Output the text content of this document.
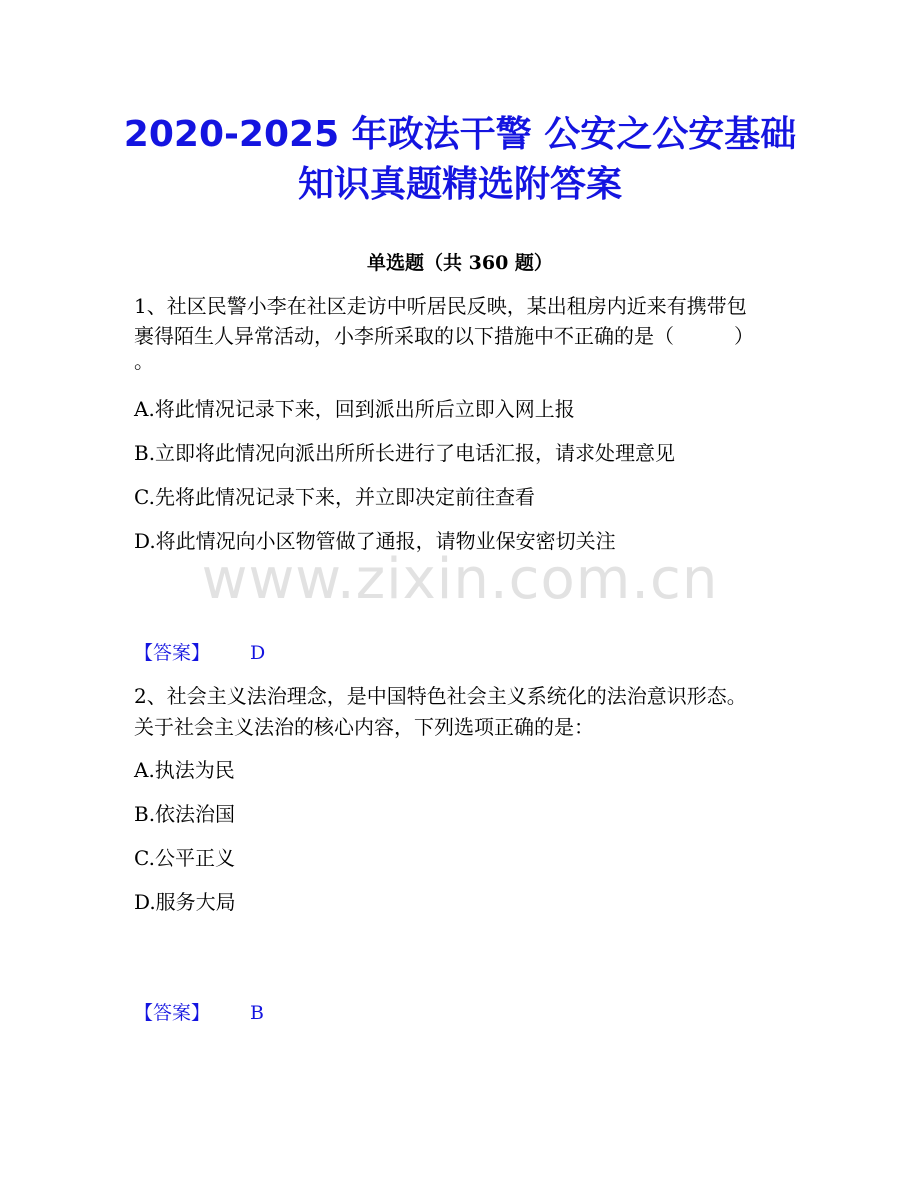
2020-2025 年政法干警 公安之公安基础
知识真题精选附答案
单选题（共 360 题）
1、社区民警小李在社区走访中听居民反映，某出租房内近来有携带包
裹得陌生人异常活动，小李所采取的以下措施中不正确的是（　　　）
。
A.将此情况记录下来，回到派出所后立即入网上报
B.立即将此情况向派出所所长进行了电话汇报，请求处理意见
C.先将此情况记录下来，并立即决定前往查看
D.将此情况向小区物管做了通报，请物业保安密切关注
www.zixin.com.cn
【答案】 D
2、社会主义法治理念，是中国特色社会主义系统化的法治意识形态。
关于社会主义法治的核心内容，下列选项正确的是：
A.执法为民
B.依法治国
C.公平正义
D.服务大局
【答案】 B
